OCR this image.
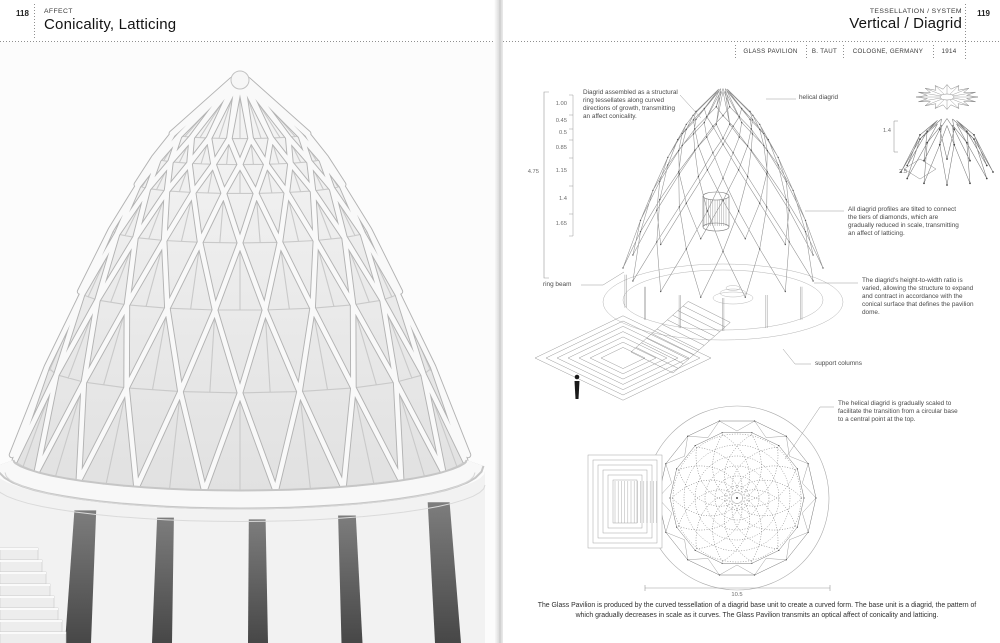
118 AFFECT
Conicality, Latticing
119
TESSELLATION / SYSTEM
Vertical / Diagrid
GLASS PAVILION	B. TAUT	COLOGNE, GERMANY	1914
Diagrid assembled as a structural ring tessellates along curved directions of growth, transmitting an affect conicality.
helical diagrid
All diagrid profiles are tilted to connect the tiers of diamonds, which are gradually reduced in scale, transmitting an affect of latticing.
The diagrid's height-to-width ratio is varied, allowing the structure to expand and contract in accordance with the conical surface that defines the pavilion dome.
ring beam
support columns
The helical diagrid is gradually scaled to facilitate the transition from a circular base to a central point at the top.
4.75
1.00
0.45
0.5
0.85
1.15
1.4
1.65
1.4
2.5
10.5
The Glass Pavilion is produced by the curved tessellation of a diagrid base unit to create a curved form. The base unit is a diagrid, the pattern of which gradually decreases in scale as it curves. The Glass Pavilion transmits an optical affect of conicality and latticing.
